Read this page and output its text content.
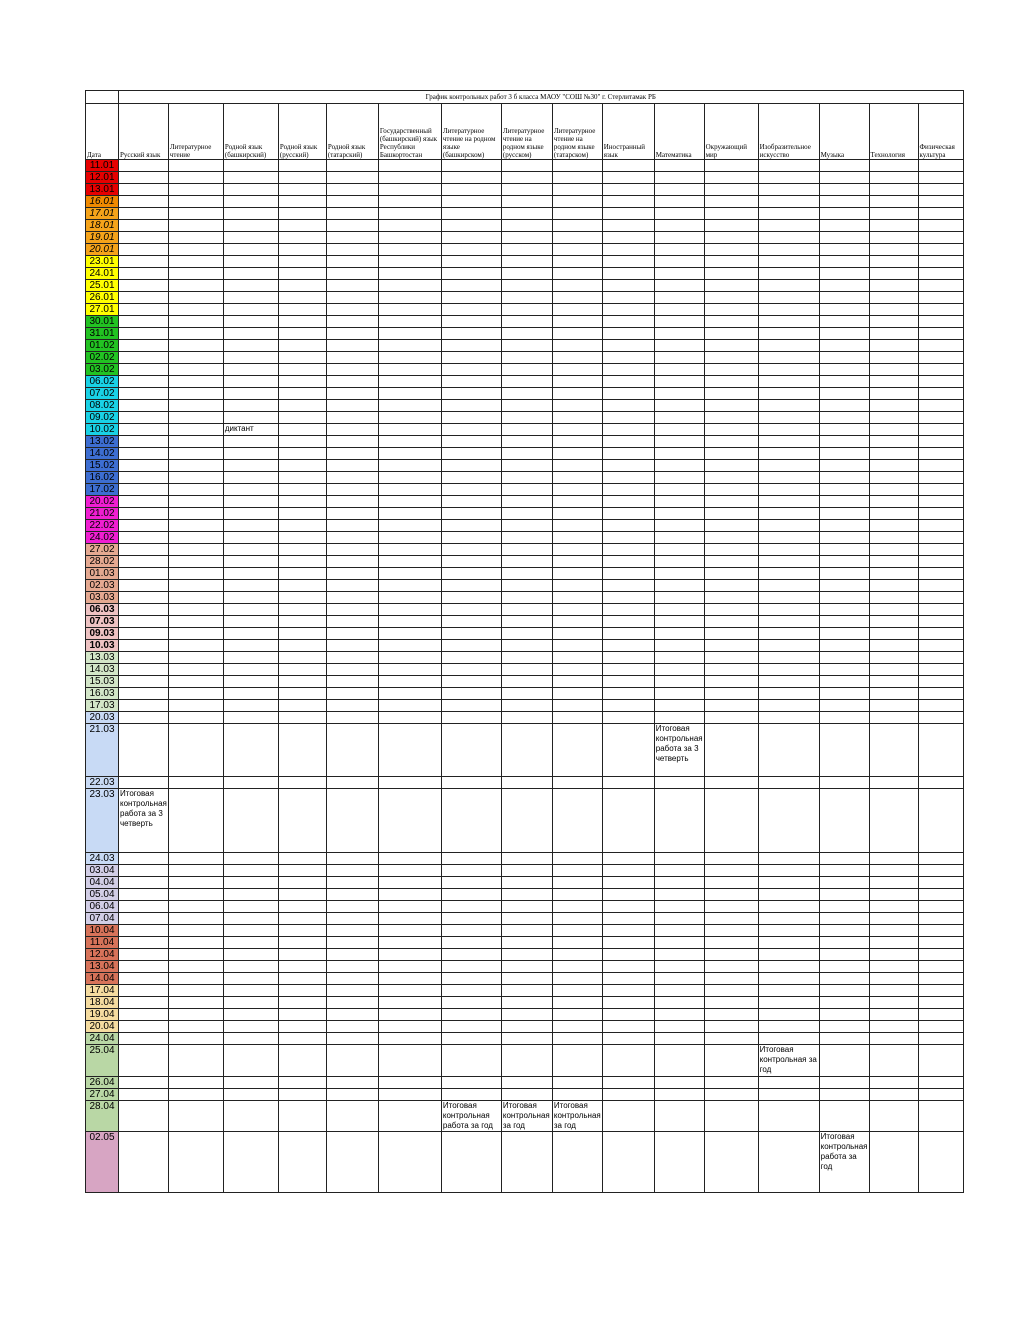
	График контрольных работ 3 б класса МАОУ "СОШ №30" г. Стерлитамак РБ															
Дата	Русский язык	Литературное чтение	Родной язык (башкирский)	Родной язык (русский)	Родной язык (татарский)	Государственный (башкирский) язык Республики Башкортостан	Литературное чтение на родном языке (башкирском)	Литературное чтение на родном языке (русском)	Литературное чтение на родном языке (татарском)	Иностранный язык	Математика	Окружающий мир	Изобразительное искусство	Музыка	Технология	Физическая культура
11.01																
12.01																
13.01																
16.01																
17.01																
18.01																
19.01																
20.01																
23.01																
24.01																
25.01																
26.01																
27.01																
30.01																
31.01																
01.02																
02.02																
03.02																
06.02																
07.02																
08.02																
09.02																
10.02			диктант													
13.02																
14.02																
15.02																
16.02																
17.02																
20.02																
21.02																
22.02																
24.02																
27.02																
28.02																
01.03																
02.03																
03.03																
06.03																
07.03																
09.03																
10.03																
13.03																
14.03																
15.03																
16.03																
17.03																
20.03																
21.03											Итоговая контрольная работа за 3 четверть					
22.03																
23.03	Итоговая контрольная работа за 3 четверть															
24.03																
03.04																
04.04																
05.04																
06.04																
07.04																
10.04																
11.04																
12.04																
13.04																
14.04																
17.04																
18.04																
19.04																
20.04																
24.04																
25.04													Итоговая контрольная за год			
26.04																
27.04																
28.04							Итоговая контрольная работа за год	Итоговая контрольная за год	Итоговая контрольная за год							
02.05														Итоговая контрольная работа за год		
